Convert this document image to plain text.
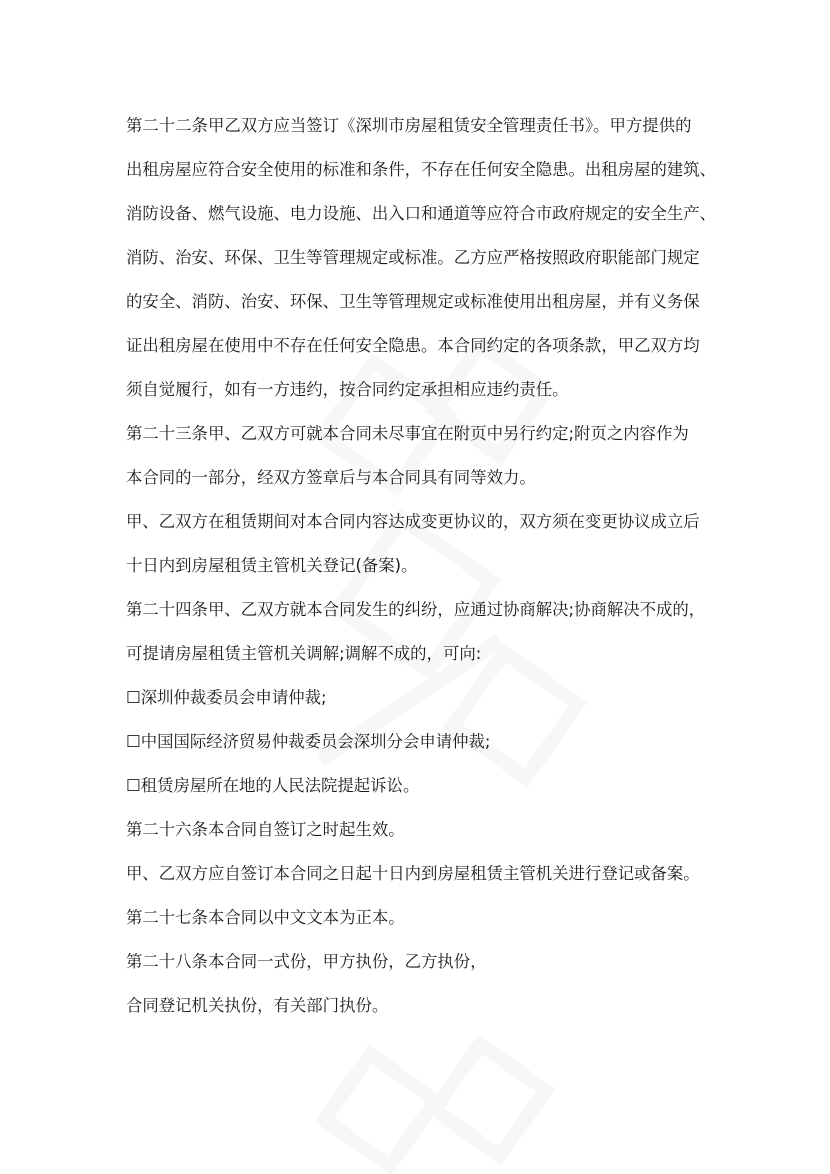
第二十二条甲乙双方应当签订《深圳市房屋租赁安全管理责任书》。甲方提供的
出租房屋应符合安全使用的标准和条件，不存在任何安全隐患。出租房屋的建筑、
消防设备、燃气设施、电力设施、出入口和通道等应符合市政府规定的安全生产、
消防、治安、环保、卫生等管理规定或标准。乙方应严格按照政府职能部门规定
的安全、消防、治安、环保、卫生等管理规定或标准使用出租房屋，并有义务保
证出租房屋在使用中不存在任何安全隐患。本合同约定的各项条款，甲乙双方均
须自觉履行，如有一方违约，按合同约定承担相应违约责任。
第二十三条甲、乙双方可就本合同未尽事宜在附页中另行约定;附页之内容作为
本合同的一部分，经双方签章后与本合同具有同等效力。
甲、乙双方在租赁期间对本合同内容达成变更协议的，双方须在变更协议成立后
十日内到房屋租赁主管机关登记(备案)。
第二十四条甲、乙双方就本合同发生的纠纷，应通过协商解决;协商解决不成的，
可提请房屋租赁主管机关调解;调解不成的，可向:
☐深圳仲裁委员会申请仲裁;
☐中国国际经济贸易仲裁委员会深圳分会申请仲裁;
☐租赁房屋所在地的人民法院提起诉讼。
第二十六条本合同自签订之时起生效。
甲、乙双方应自签订本合同之日起十日内到房屋租赁主管机关进行登记或备案。
第二十七条本合同以中文文本为正本。
第二十八条本合同一式份，甲方执份，乙方执份，
合同登记机关执份，有关部门执份。
